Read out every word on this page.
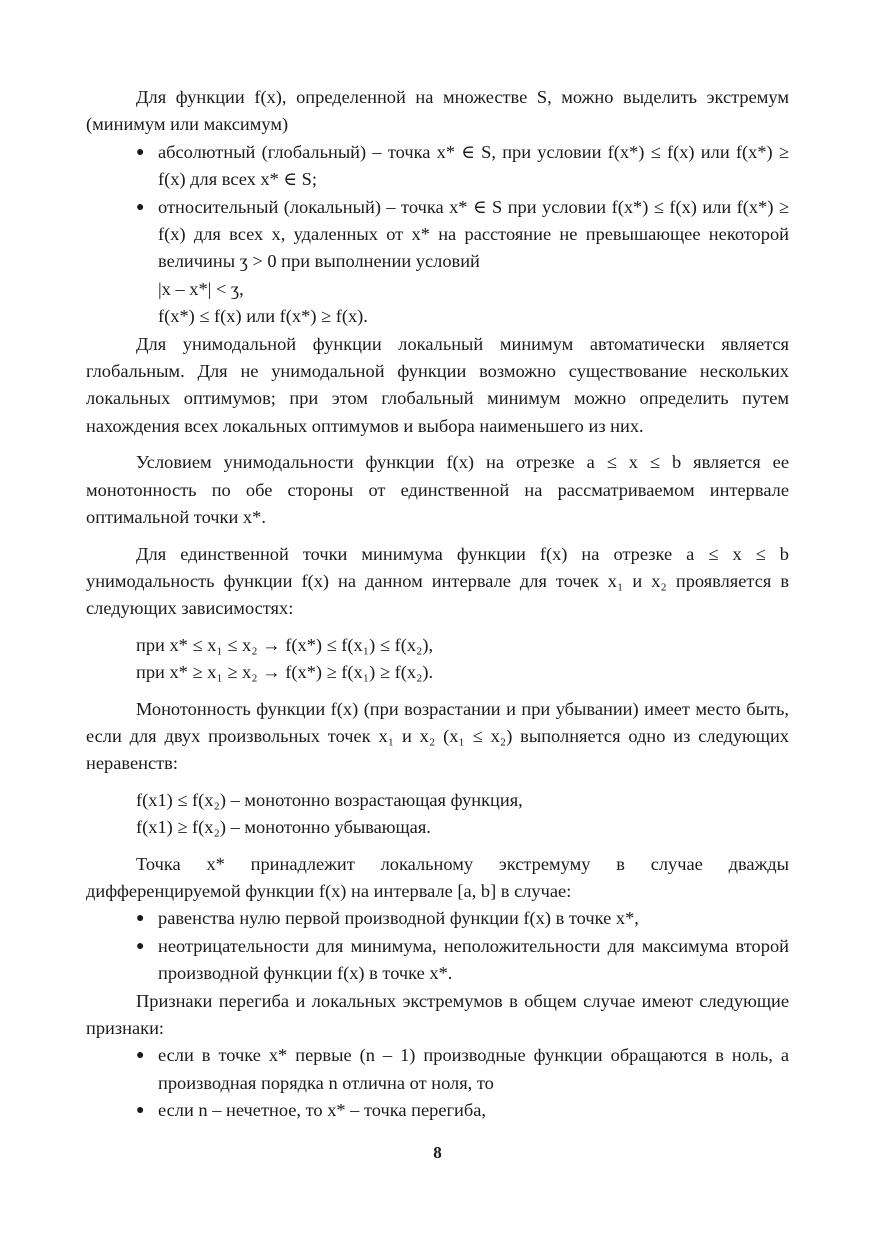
Для функции f(x), определенной на множестве S, можно выделить экстремум (минимум или максимум)

● абсолютный (глобальный) – точка x* ∈ S, при условии f(x*) ≤ f(x) или f(x*) ≥ f(x) для всех x* ∈ S;
● относительный (локальный) – точка x* ∈ S при условии f(x*) ≤ f(x) или f(x*) ≥ f(x) для всех x, удаленных от x* на расстояние не превышающее некоторой величины ʒ > 0 при выполнении условий
|x – x*| < ʒ,
f(x*) ≤ f(x) или f(x*) ≥ f(x).

Для унимодальной функции локальный минимум автоматически является глобальным. Для не унимодальной функции возможно существование нескольких локальных оптимумов; при этом глобальный минимум можно определить путем нахождения всех локальных оптимумов и выбора наименьшего из них.

Условием унимодальности функции f(x) на отрезке a ≤ x ≤ b является ее монотонность по обе стороны от единственной на рассматриваемом интервале оптимальной точки x*.

Для единственной точки минимума функции f(x) на отрезке a ≤ x ≤ b унимодальность функции f(x) на данном интервале для точек x₁ и x₂ проявляется в следующих зависимостях:

при x* ≤ x₁ ≤ x₂ → f(x*) ≤ f(x₁) ≤ f(x₂),
при x* ≥ x₁ ≥ x₂ → f(x*) ≥ f(x₁) ≥ f(x₂).

Монотонность функции f(x) (при возрастании и при убывании) имеет место быть, если для двух произвольных точек x₁ и x₂ (x₁ ≤ x₂) выполняется одно из следующих неравенств:

f(x1) ≤ f(x₂) – монотонно возрастающая функция,
f(x1) ≥ f(x₂) – монотонно убывающая.

Точка x* принадлежит локальному экстремуму в случае дважды дифференцируемой функции f(x) на интервале [a, b] в случае:

● равенства нулю первой производной функции f(x) в точке x*,
● неотрицательности для минимума, неположительности для максимума второй производной функции f(x) в точке x*.

Признаки перегиба и локальных экстремумов в общем случае имеют следующие признаки:

● если в точке x* первые (n – 1) производные функции обращаются в ноль, а производная порядка n отлична от ноля, то
● если n – нечетное, то x* – точка перегиба,
8
